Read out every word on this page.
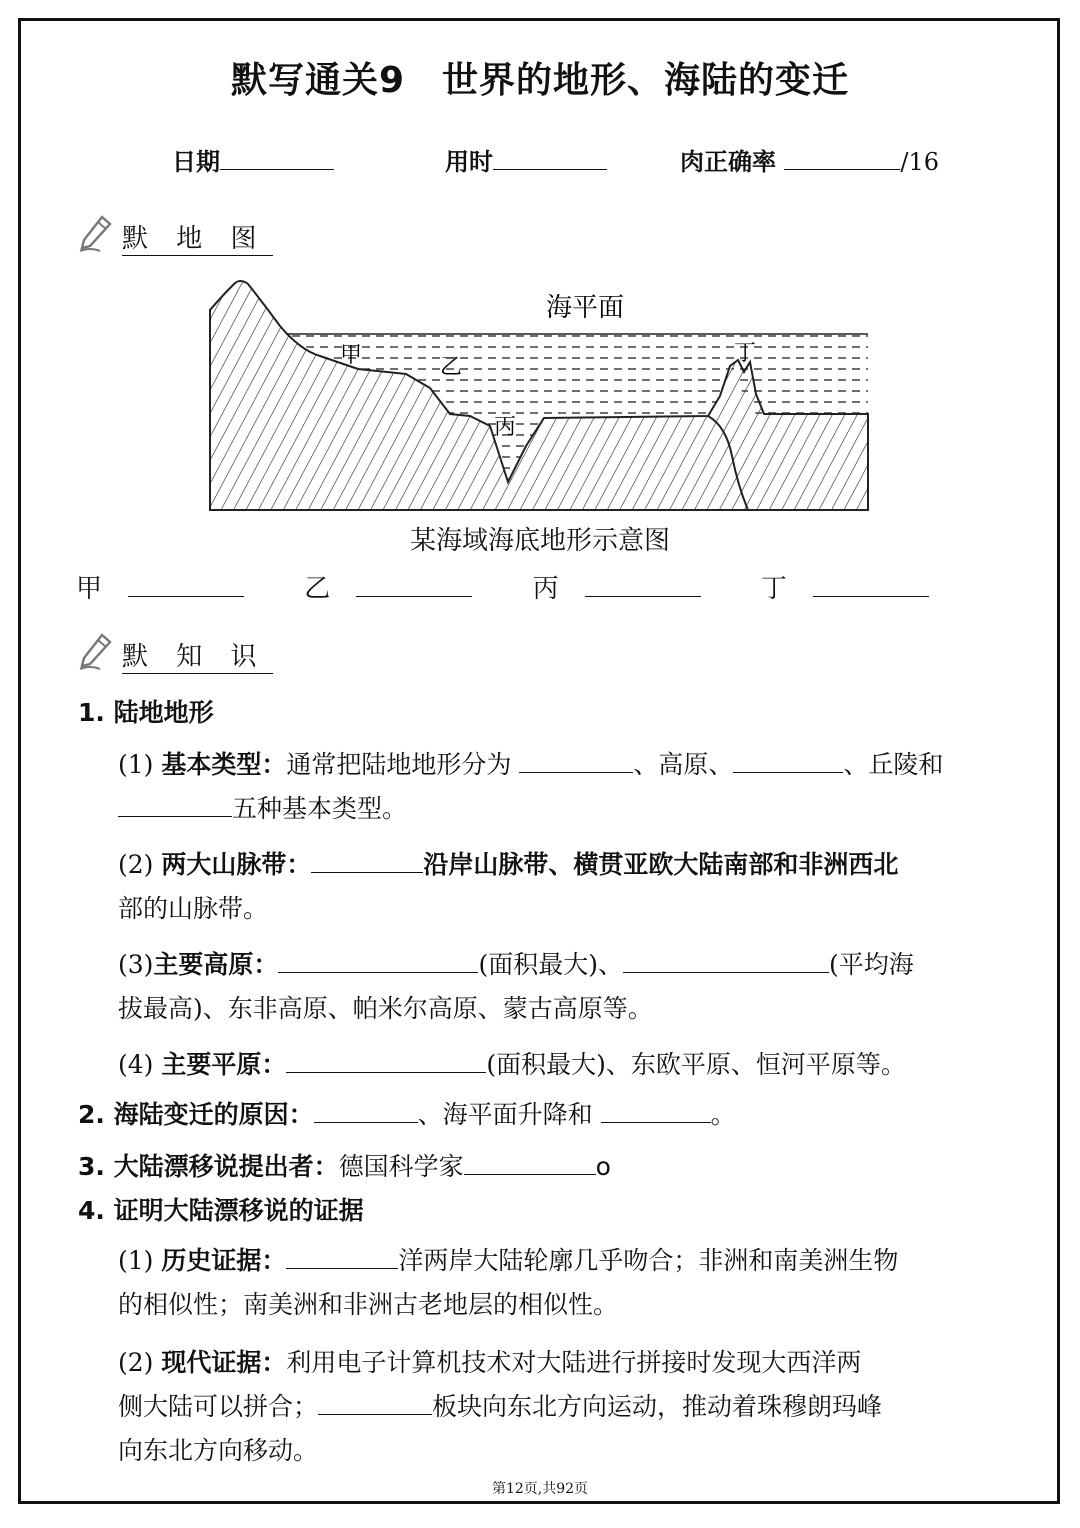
默写通关9　世界的地形、海陆的变迁
日期	用时	肉正确率	/16
默 地 图
海平面
甲	乙
丙
丁
某海域海底地形示意图
甲	乙	丙	丁
默 知 识
1. 陆地地形
(1) 基本类型：通常把陆地地形分为	、高原、	、丘陵和
五种基本类型。
(2) 两大山脉带：	沿岸山脉带、横贯亚欧大陆南部和非洲西北
部的山脉带。
(3)主要高原：	(面积最大)、	(平均海
拔最高)、东非高原、帕米尔高原、蒙古高原等。
(4) 主要平原：	(面积最大)、东欧平原、恒河平原等。
2. 海陆变迁的原因：	、海平面升降和	。
3. 大陆漂移说提出者：德国科学家	o
4. 证明大陆漂移说的证据
(1) 历史证据：	洋两岸大陆轮廓几乎吻合；非洲和南美洲生物
的相似性；南美洲和非洲古老地层的相似性。
(2) 现代证据：利用电子计算机技术对大陆进行拼接时发现大西洋两
侧大陆可以拼合；	板块向东北方向运动，推动着珠穆朗玛峰
向东北方向移动。
第12页,共92页
